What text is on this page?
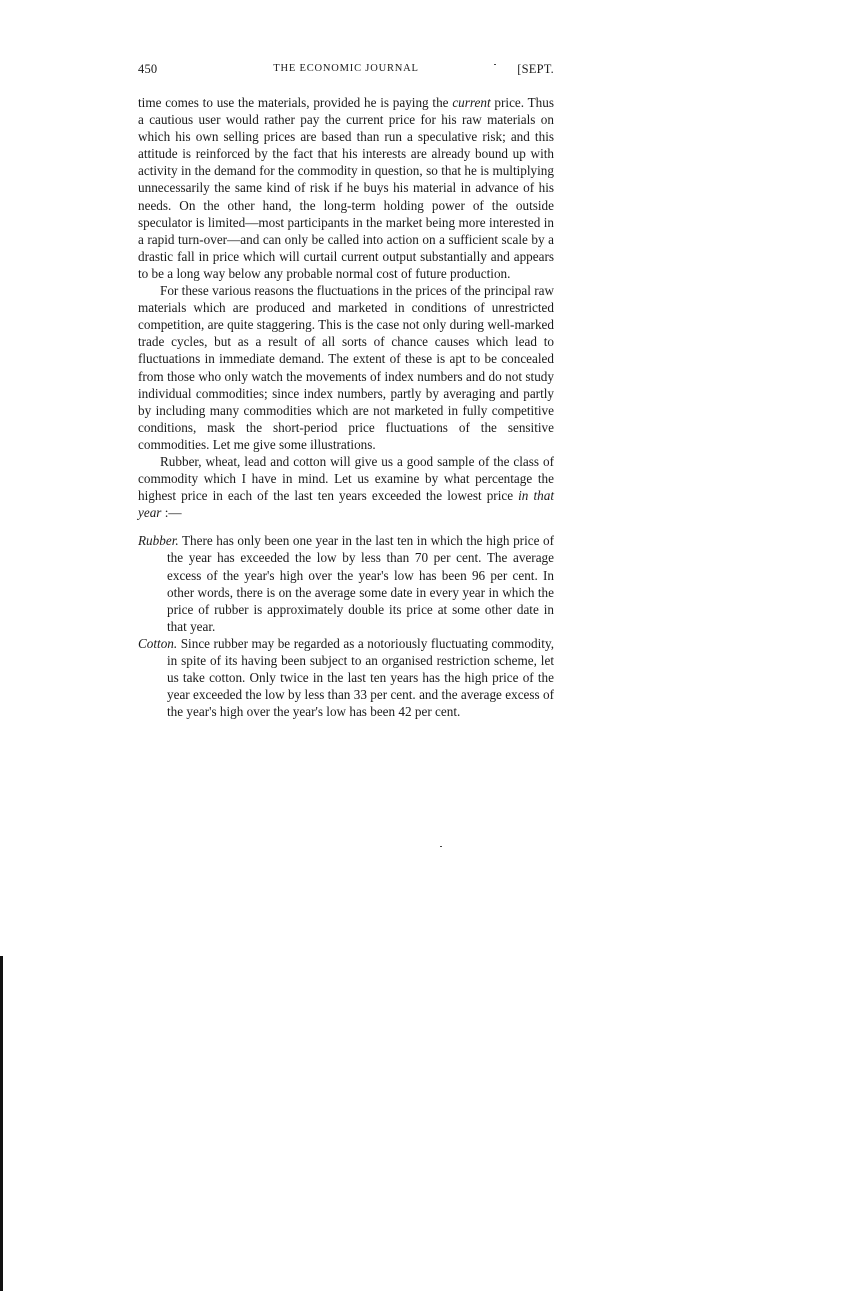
450	THE ECONOMIC JOURNAL	[SEPT.

time comes to use the materials, provided he is paying the current price. Thus a cautious user would rather pay the current price for his raw materials on which his own selling prices are based than run a speculative risk; and this attitude is reinforced by the fact that his interests are already bound up with activity in the demand for the commodity in question, so that he is multiplying unnecessarily the same kind of risk if he buys his material in advance of his needs. On the other hand, the long-term holding power of the outside speculator is limited—most participants in the market being more interested in a rapid turn-over—and can only be called into action on a sufficient scale by a drastic fall in price which will curtail current output substantially and appears to be a long way below any probable normal cost of future production.

For these various reasons the fluctuations in the prices of the principal raw materials which are produced and marketed in conditions of unrestricted competition, are quite staggering. This is the case not only during well-marked trade cycles, but as a result of all sorts of chance causes which lead to fluctuations in immediate demand. The extent of these is apt to be concealed from those who only watch the movements of index numbers and do not study individual commodities; since index numbers, partly by averaging and partly by including many commodities which are not marketed in fully competitive conditions, mask the short-period price fluctuations of the sensitive commodities. Let me give some illustrations.

Rubber, wheat, lead and cotton will give us a good sample of the class of commodity which I have in mind. Let us examine by what percentage the highest price in each of the last ten years exceeded the lowest price in that year :—

Rubber. There has only been one year in the last ten in which the high price of the year has exceeded the low by less than 70 per cent. The average excess of the year's high over the year's low has been 96 per cent. In other words, there is on the average some date in every year in which the price of rubber is approximately double its price at some other date in that year.

Cotton. Since rubber may be regarded as a notoriously fluctuating commodity, in spite of its having been subject to an organised restriction scheme, let us take cotton. Only twice in the last ten years has the high price of the year exceeded the low by less than 33 per cent. and the average excess of the year's high over the year's low has been 42 per cent.
